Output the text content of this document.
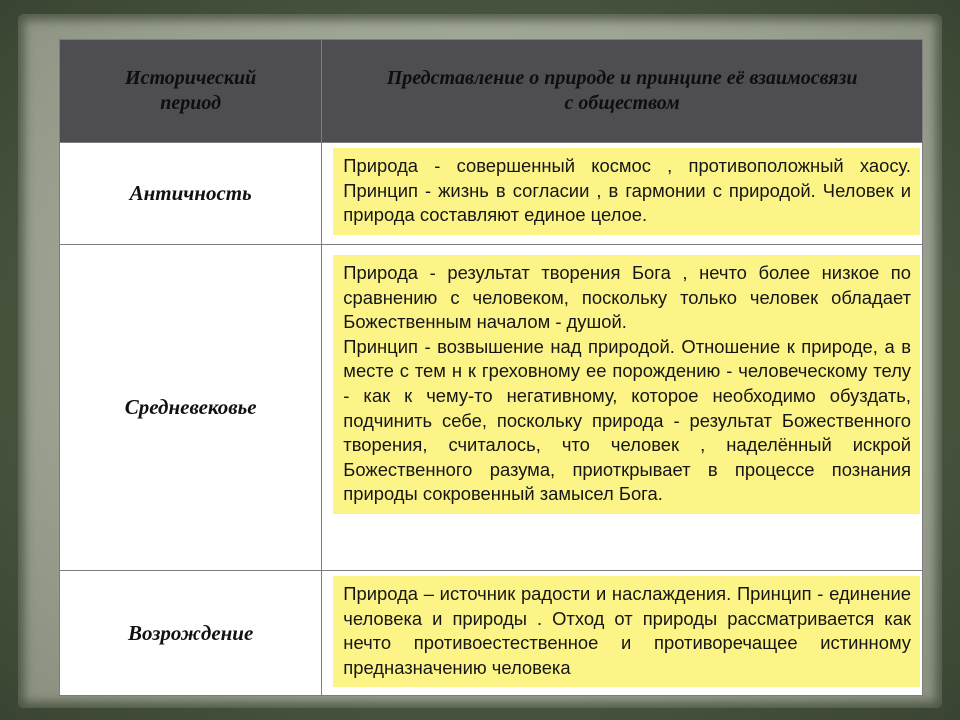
Исторический период	Представление о природе и принципе её взаимосвязи с обществом
Античность	Природа - совершенный космос , противоположный хаосу. Принцип - жизнь в согласии , в гармонии с природой. Человек и природа составляют единое целое.

Средневековье	Природа - результат творения Бога , нечто более низкое по сравнению с человеком, поскольку только человек обладает Божественным началом - душой.

Принцип - возвышение над природой. Отношение к природе, а в месте с тем н к греховному ее порождению - человеческому телу - как к чему-то негативному, которое необходимо обуздать, подчинить себе, поскольку природа - результат Божественного творения, считалось, что человек , наделённый искрой Божественного разума, приоткрывает в процессе познания природы сокровенный замысел Бога.

Возрождение	Природа – источник радости и наслаждения. Принцип - единение человека и природы . Отход от природы рассматривается как нечто противоестественное и противоречащее истинному предназначению человека
